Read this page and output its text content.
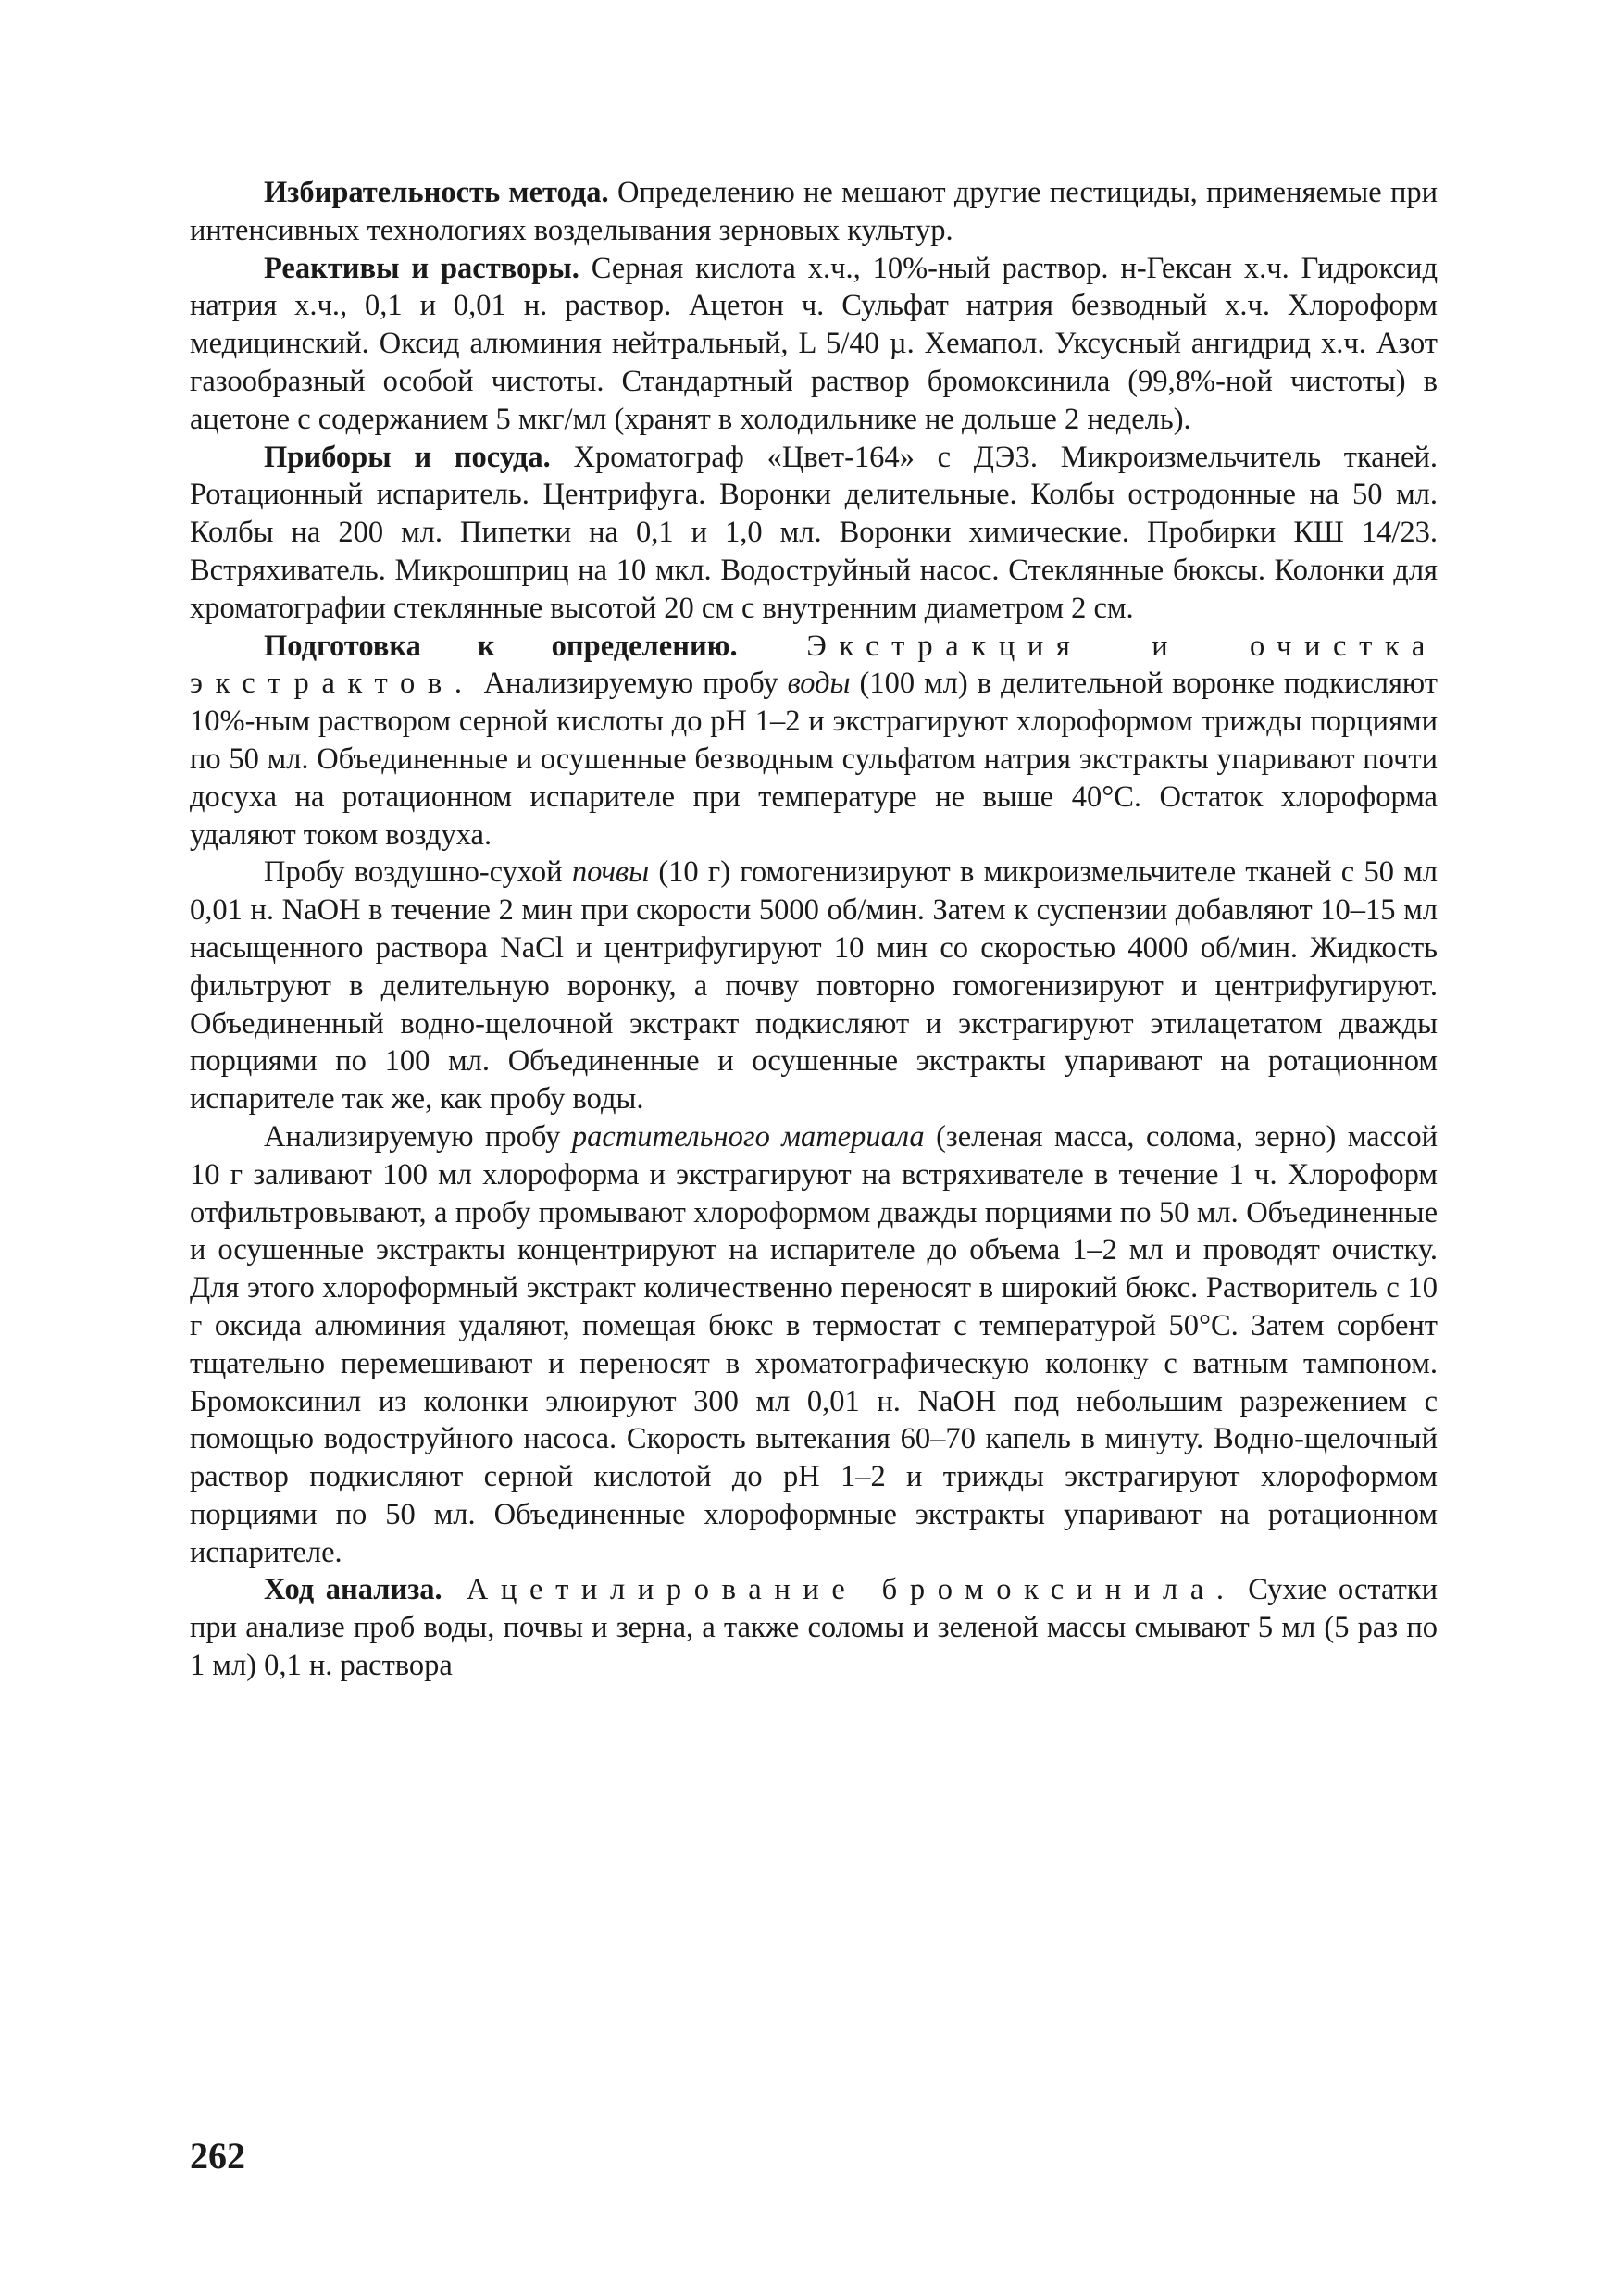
Избирательность метода. Определению не мешают другие пестициды, применяемые при интенсивных технологиях возделывания зерновых культур.

Реактивы и растворы. Серная кислота х.ч., 10%-ный раствор. н-Гексан х.ч. Гидроксид натрия х.ч., 0,1 и 0,01 н. раствор. Ацетон ч. Сульфат натрия безводный х.ч. Хлороформ медицинский. Оксид алюминия нейтральный, L 5/40 µ. Хемапол. Уксусный ангидрид х.ч. Азот газообразный особой чистоты. Стандартный раствор бромоксинила (99,8%-ной чистоты) в ацетоне с содержанием 5 мкг/мл (хранят в холодильнике не дольше 2 недель).

Приборы и посуда. Хроматограф «Цвет-164» с ДЭЗ. Микроизмельчитель тканей. Ротационный испаритель. Центрифуга. Воронки делительные. Колбы остродонные на 50 мл. Колбы на 200 мл. Пипетки на 0,1 и 1,0 мл. Воронки химические. Пробирки КШ 14/23. Встряхиватель. Микрошприц на 10 мкл. Водоструйный насос. Стеклянные бюксы. Колонки для хроматографии стеклянные высотой 20 см с внутренним диаметром 2 см.

Подготовка к определению. Экстракция и очистка экстрактов. Анализируемую пробу воды (100 мл) в делительной воронке подкисляют 10%-ным раствором серной кислоты до pH 1–2 и экстрагируют хлороформом трижды порциями по 50 мл. Объединенные и осушенные безводным сульфатом натрия экстракты упаривают почти досуха на ротационном испарителе при температуре не выше 40°C. Остаток хлороформа удаляют током воздуха.

Пробу воздушно-сухой почвы (10 г) гомогенизируют в микроизмельчителе тканей с 50 мл 0,01 н. NaOH в течение 2 мин при скорости 5000 об/мин. Затем к суспензии добавляют 10–15 мл насыщенного раствора NaCl и центрифугируют 10 мин со скоростью 4000 об/мин. Жидкость фильтруют в делительную воронку, а почву повторно гомогенизируют и центрифугируют. Объединенный водно-щелочной экстракт подкисляют и экстрагируют этилацетатом дважды порциями по 100 мл. Объединенные и осушенные экстракты упаривают на ротационном испарителе так же, как пробу воды.

Анализируемую пробу растительного материала (зеленая масса, солома, зерно) массой 10 г заливают 100 мл хлороформа и экстрагируют на встряхивателе в течение 1 ч. Хлороформ отфильтровывают, а пробу промывают хлороформом дважды порциями по 50 мл. Объединенные и осушенные экстракты концентрируют на испарителе до объема 1–2 мл и проводят очистку. Для этого хлороформный экстракт количественно переносят в широкий бюкс. Растворитель с 10 г оксида алюминия удаляют, помещая бюкс в термостат с температурой 50°C. Затем сорбент тщательно перемешивают и переносят в хроматографическую колонку с ватным тампоном. Бромоксинил из колонки элюируют 300 мл 0,01 н. NaOH под небольшим разрежением с помощью водоструйного насоса. Скорость вытекания 60–70 капель в минуту. Водно-щелочный раствор подкисляют серной кислотой до pH 1–2 и трижды экстрагируют хлороформом порциями по 50 мл. Объединенные хлороформные экстракты упаривают на ротационном испарителе.

Ход анализа. Ацетилирование бромоксинила. Сухие остатки при анализе проб воды, почвы и зерна, а также соломы и зеленой массы смывают 5 мл (5 раз по 1 мл) 0,1 н. раствора

262
